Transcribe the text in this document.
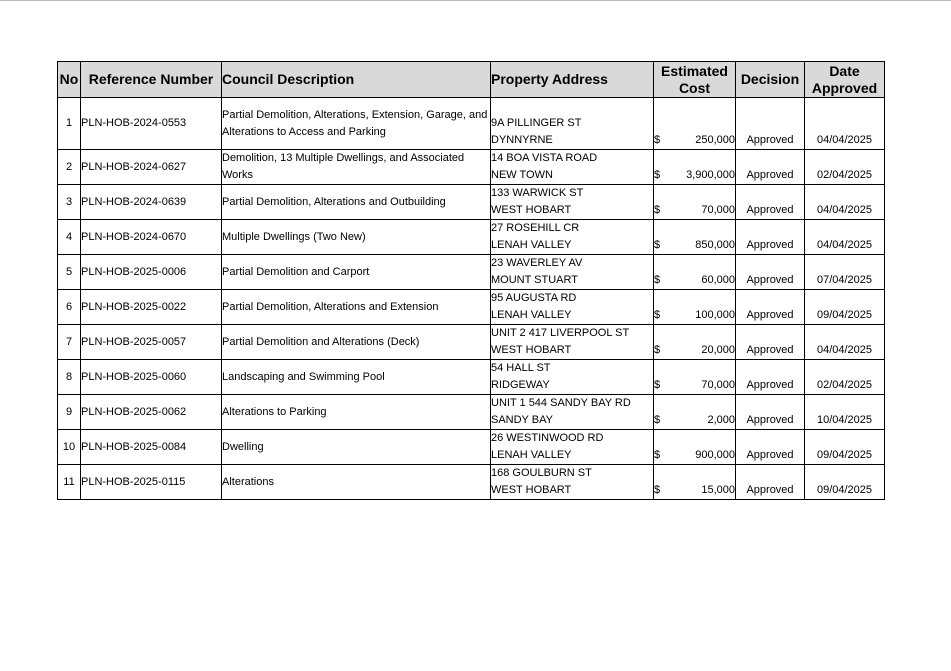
No	Reference Number	Council Description	Property Address	Estimated
Cost	Decision	Date
Approved
1	PLN-HOB-2024-0553	Partial Demolition, Alterations, Extension, Garage, and Alterations to Access and Parking	9A PILLINGER ST
DYNNYRNE	$ 250,000	Approved	04/04/2025
2	PLN-HOB-2024-0627	Demolition, 13 Multiple Dwellings, and Associated Works	14 BOA VISTA ROAD
NEW TOWN	$ 3,900,000	Approved	02/04/2025
3	PLN-HOB-2024-0639	Partial Demolition, Alterations and Outbuilding	133 WARWICK ST
WEST HOBART	$ 70,000	Approved	04/04/2025
4	PLN-HOB-2024-0670	Multiple Dwellings (Two New)	27 ROSEHILL CR
LENAH VALLEY	$ 850,000	Approved	04/04/2025
5	PLN-HOB-2025-0006	Partial Demolition and Carport	23 WAVERLEY AV
MOUNT STUART	$ 60,000	Approved	07/04/2025
6	PLN-HOB-2025-0022	Partial Demolition, Alterations and Extension	95 AUGUSTA RD
LENAH VALLEY	$ 100,000	Approved	09/04/2025
7	PLN-HOB-2025-0057	Partial Demolition and Alterations (Deck)	UNIT 2 417 LIVERPOOL ST
WEST HOBART	$ 20,000	Approved	04/04/2025
8	PLN-HOB-2025-0060	Landscaping and Swimming Pool	54 HALL ST
RIDGEWAY	$ 70,000	Approved	02/04/2025
9	PLN-HOB-2025-0062	Alterations to Parking	UNIT 1 544 SANDY BAY RD
SANDY BAY	$ 2,000	Approved	10/04/2025
10	PLN-HOB-2025-0084	Dwelling	26 WESTINWOOD RD
LENAH VALLEY	$ 900,000	Approved	09/04/2025
11	PLN-HOB-2025-0115	Alterations	168 GOULBURN ST
WEST HOBART	$ 15,000	Approved	09/04/2025
